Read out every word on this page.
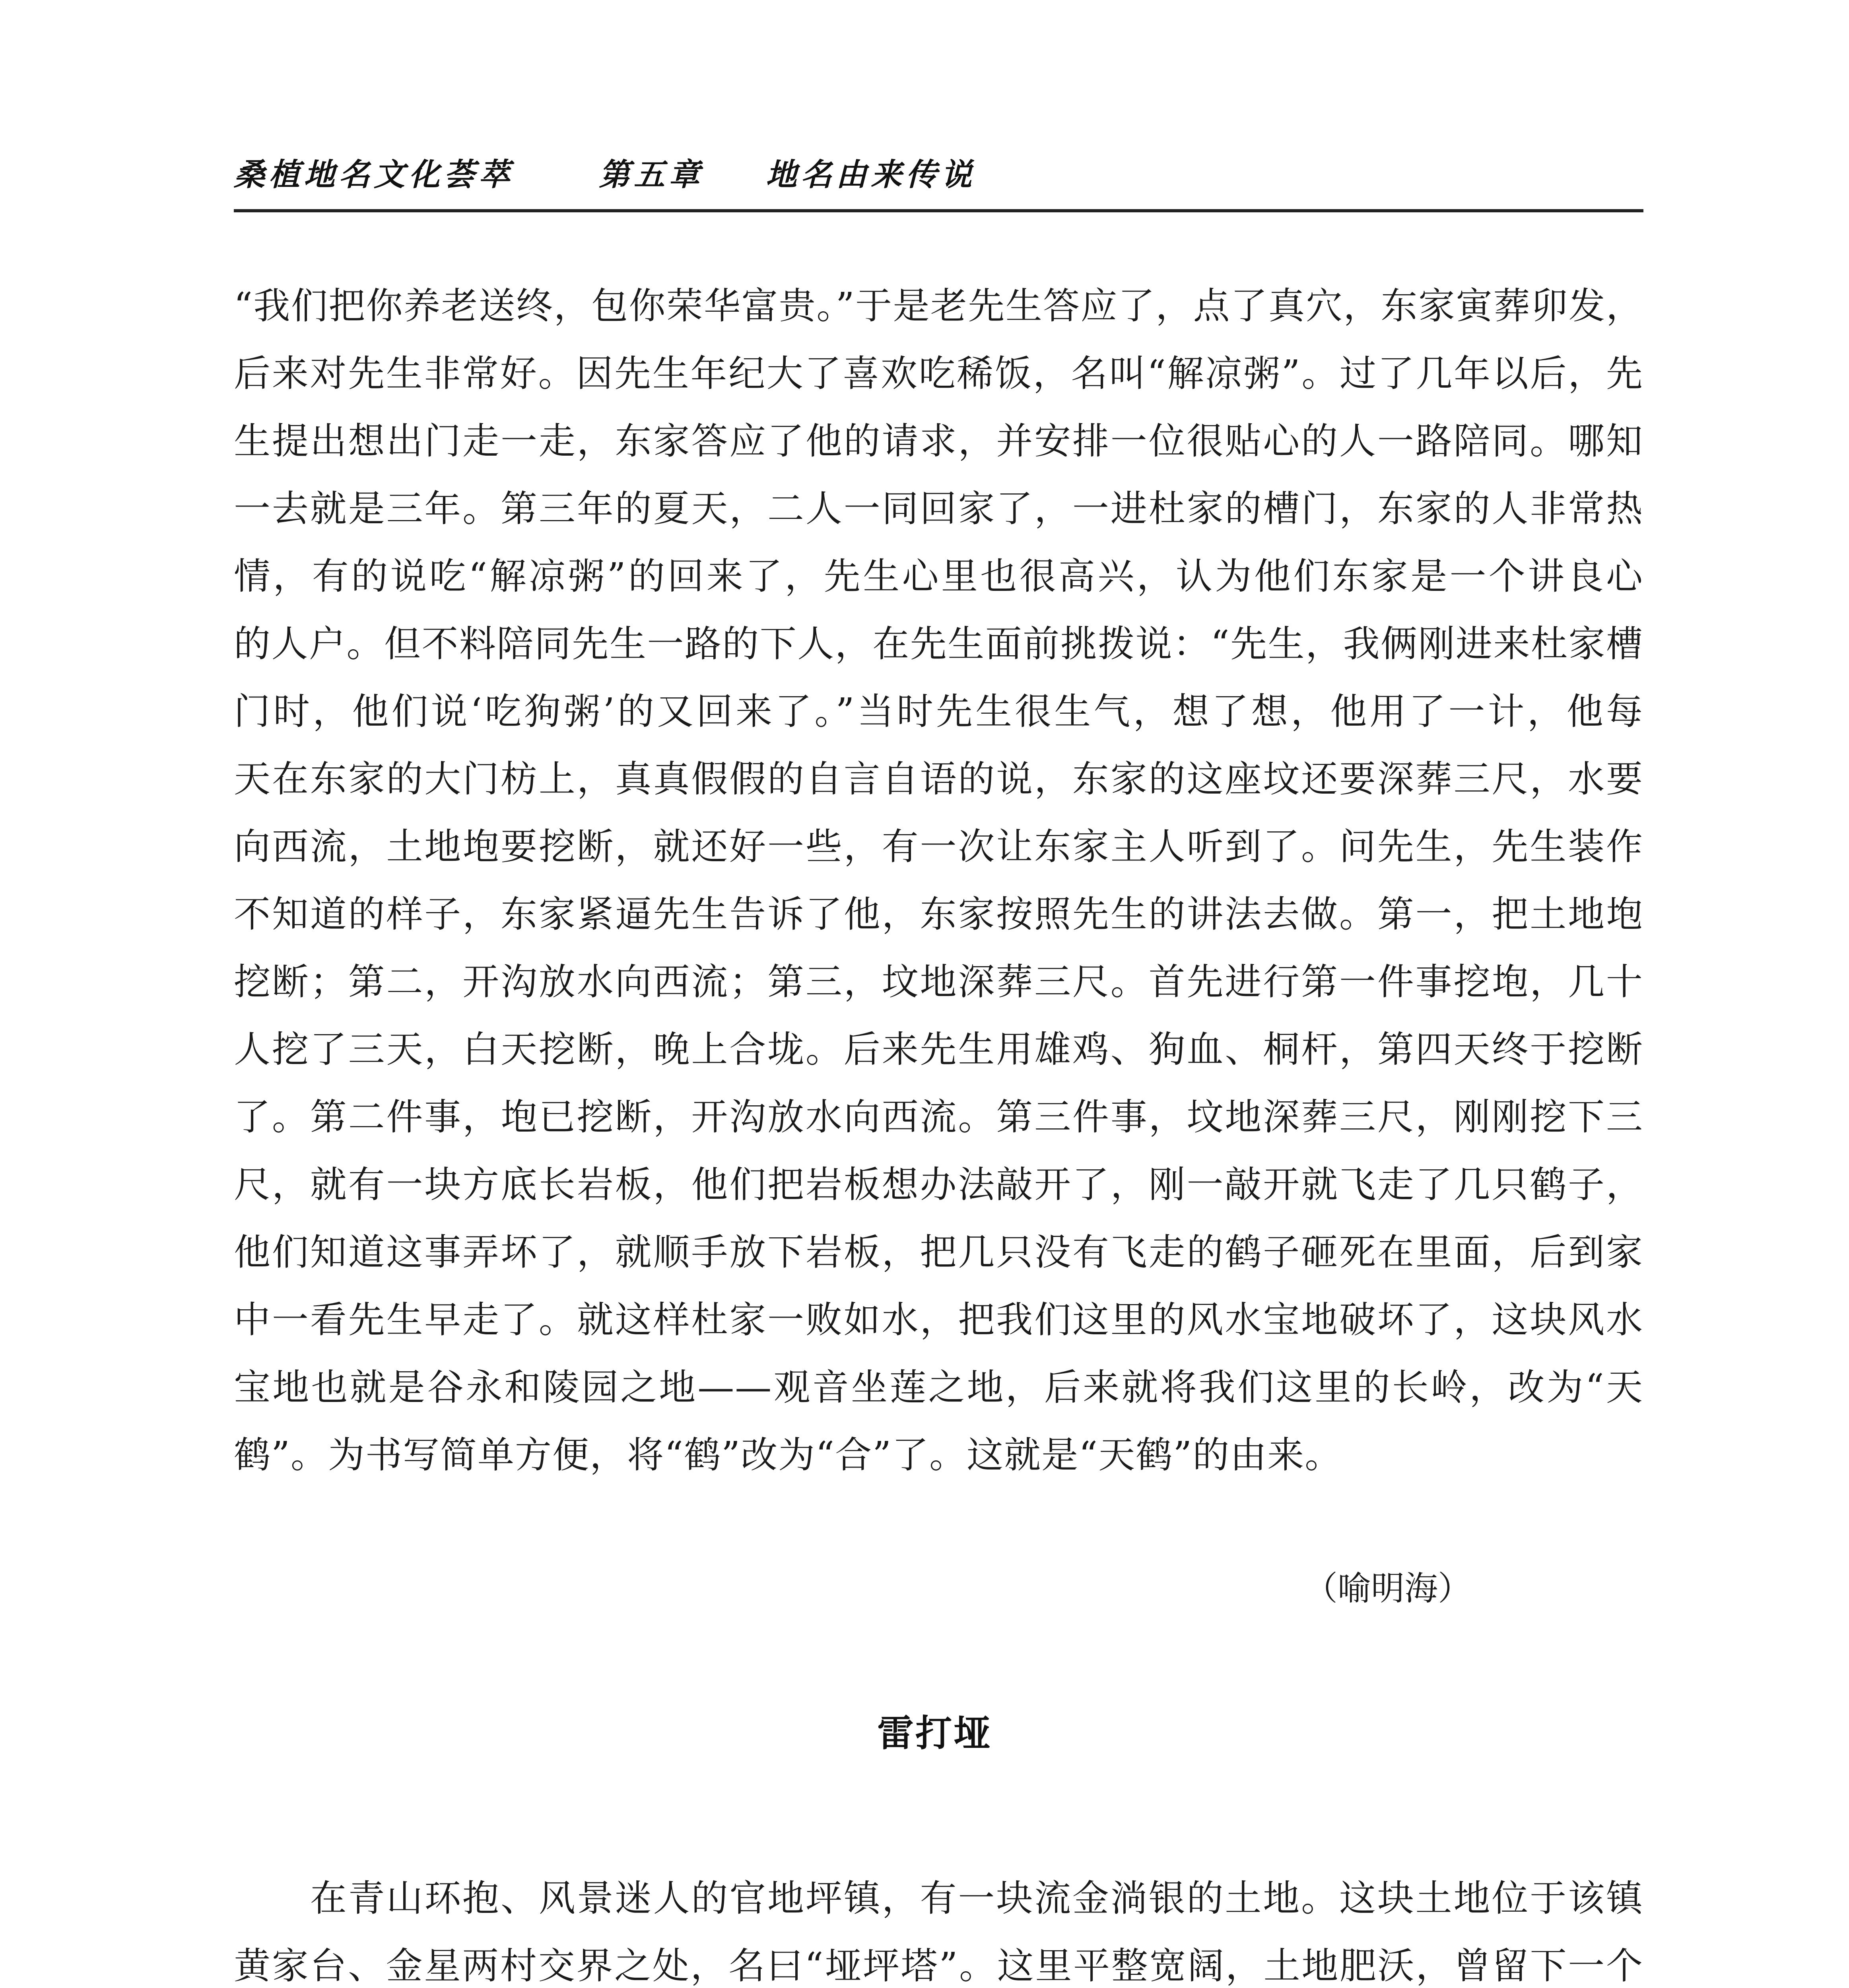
桑植地名文化荟萃	第五章 地名由来传说
“我们把你养老送终，包你荣华富贵。”于是老先生答应了，点了真穴，东家寅葬卯发，
后来对先生非常好。因先生年纪大了喜欢吃稀饭，名叫“解凉粥”。过了几年以后，先
生提出想出门走一走，东家答应了他的请求，并安排一位很贴心的人一路陪同。哪知
一去就是三年。第三年的夏天，二人一同回家了，一进杜家的槽门，东家的人非常热
情，有的说吃“解凉粥”的回来了，先生心里也很高兴，认为他们东家是一个讲良心
的人户。但不料陪同先生一路的下人，在先生面前挑拨说：“先生，我俩刚进来杜家槽
门时，他们说‘吃狗粥’的又回来了。”当时先生很生气，想了想，他用了一计，他每
天在东家的大门枋上，真真假假的自言自语的说，东家的这座坟还要深葬三尺，水要
向西流，土地垉要挖断，就还好一些，有一次让东家主人听到了。问先生，先生装作
不知道的样子，东家紧逼先生告诉了他，东家按照先生的讲法去做。第一，把土地垉
挖断；第二，开沟放水向西流；第三，坟地深葬三尺。首先进行第一件事挖垉，几十
人挖了三天，白天挖断，晚上合垅。后来先生用雄鸡、狗血、桐杆，第四天终于挖断
了。第二件事，垉已挖断，开沟放水向西流。第三件事，坟地深葬三尺，刚刚挖下三
尺，就有一块方底长岩板，他们把岩板想办法敲开了，刚一敲开就飞走了几只鹤子，
他们知道这事弄坏了，就顺手放下岩板，把几只没有飞走的鹤子砸死在里面，后到家
中一看先生早走了。就这样杜家一败如水，把我们这里的风水宝地破坏了，这块风水
宝地也就是谷永和陵园之地——观音坐莲之地，后来就将我们这里的长岭，改为“天
鹤”。为书写简单方便，将“鹤”改为“合”了。这就是“天鹤”的由来。
（喻明海）
雷打垭
　　在青山环抱、风景迷人的官地坪镇，有一块流金淌银的土地。这块土地位于该镇
黄家台、金星两村交界之处，名曰“垭坪塔”。这里平整宽阔，土地肥沃，曾留下一个
